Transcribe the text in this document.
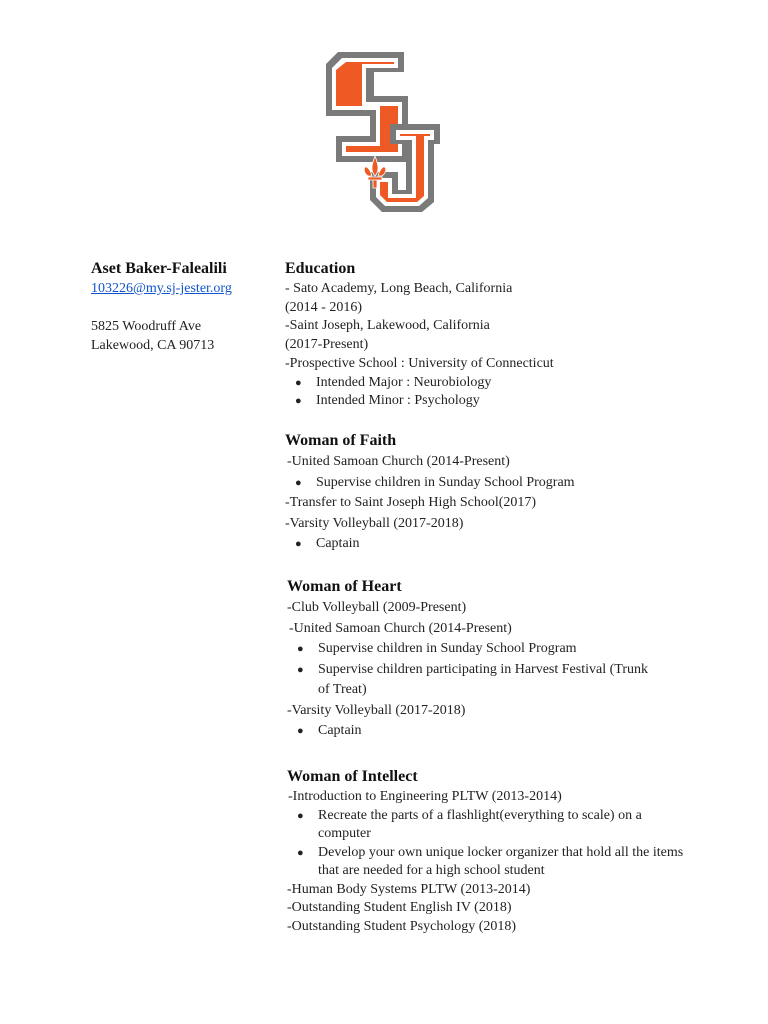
Aset Baker-Falealili

103226@my.sj-jester.org

5825 Woodruff Ave

Lakewood, CA 90713

Education

- Sato Academy, Long Beach, California

(2014 - 2016)

-Saint Joseph, Lakewood, California

(2017-Present)

-Prospective School : University of Connecticut

● Intended Major : Neurobiology
● Intended Minor : Psychology

Woman of Faith

-United Samoan Church (2014-Present)

● Supervise children in Sunday School Program

-Transfer to Saint Joseph High School(2017)

-Varsity Volleyball (2017-2018)

● Captain

Woman of Heart

-Club Volleyball (2009-Present)

-United Samoan Church (2014-Present)

● Supervise children in Sunday School Program
● Supervise children participating in Harvest Festival (Trunk of Treat)

-Varsity Volleyball (2017-2018)

● Captain

Woman of Intellect

-Introduction to Engineering PLTW (2013-2014)

● Recreate the parts of a flashlight(everything to scale) on a computer
● Develop your own unique locker organizer that hold all the items that are needed for a high school student

-Human Body Systems PLTW (2013-2014)

-Outstanding Student English IV (2018)

-Outstanding Student Psychology (2018)
